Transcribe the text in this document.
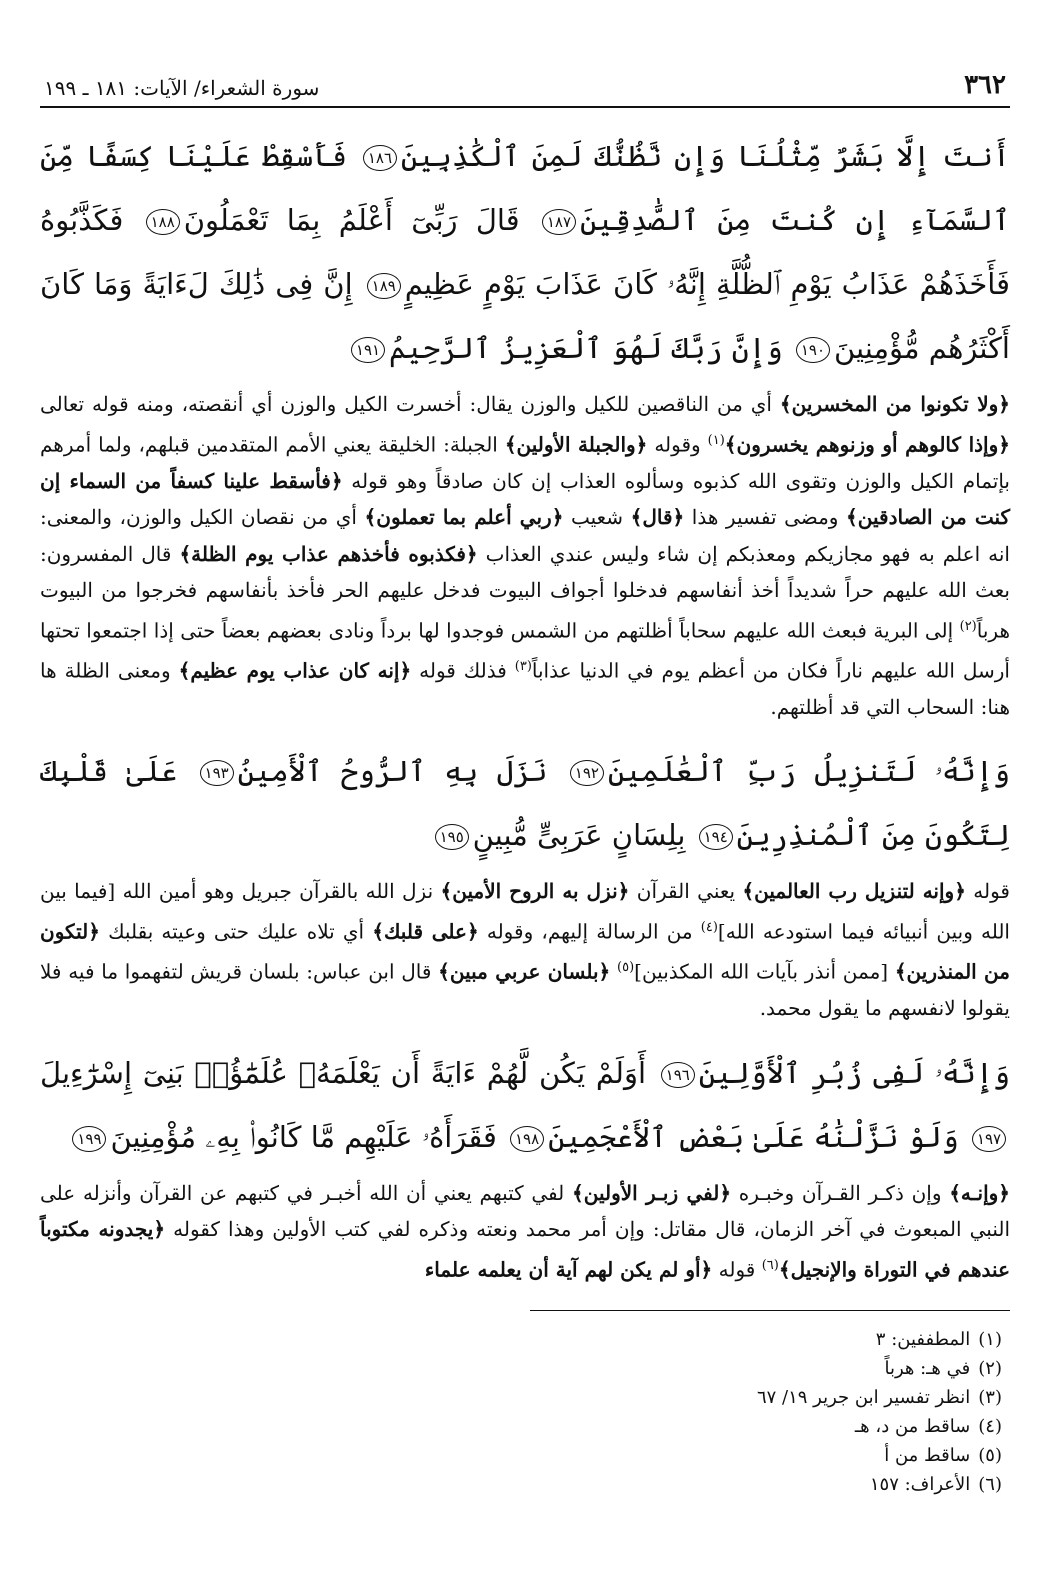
٣٦٢
سورة الشعراء/ الآيات: ١٨١ ـ ١٩٩

أَنتَ إِلَّا بَشَرٌ مِّثْلُنَا وَإِن نَّظُنُّكَ لَمِنَ ٱلْكَٰذِبِينَ١٨٦ فَأَسْقِطْ عَلَيْنَا كِسَفًا مِّنَ ٱلسَّمَآءِ إِن كُنتَ مِنَ ٱلصَّٰدِقِينَ١٨٧ قَالَ رَبِّىٓ أَعْلَمُ بِمَا تَعْمَلُونَ١٨٨ فَكَذَّبُوهُ فَأَخَذَهُمْ عَذَابُ يَوْمِ ٱلظُّلَّةِ إِنَّهُۥ كَانَ عَذَابَ يَوْمٍ عَظِيمٍ١٨٩ إِنَّ فِى ذَٰلِكَ لَءَايَةً وَمَا كَانَ أَكْثَرُهُم مُّؤْمِنِينَ١٩٠ وَإِنَّ رَبَّكَ لَهُوَ ٱلْعَزِيزُ ٱلرَّحِيمُ١٩١

﴿ولا تكونوا من المخسرين﴾ أي من الناقصين للكيل والوزن يقال: أخسرت الكيل والوزن أي أنقصته، ومنه قوله تعالى ﴿وإذا كالوهم أو وزنوهم يخسرون﴾$^{(١)}$ وقوله ﴿والجبلة الأولين﴾ الجبلة: الخليقة يعني الأمم المتقدمين قبلهم، ولما أمرهم بإتمام الكيل والوزن وتقوى الله كذبوه وسألوه العذاب إن كان صادقاً وهو قوله ﴿فأسقط علينا كسفاً من السماء إن كنت من الصادقين﴾ ومضى تفسير هذا ﴿قال﴾ شعيب ﴿ربي أعلم بما تعملون﴾ أي من نقصان الكيل والوزن، والمعنى: انه اعلم به فهو مجازيكم ومعذبكم إن شاء وليس عندي العذاب ﴿فكذبوه فأخذهم عذاب يوم الظلة﴾ قال المفسرون: بعث الله عليهم حراً شديداً أخذ أنفاسهم فدخلوا أجواف البيوت فدخل عليهم الحر فأخذ بأنفاسهم فخرجوا من البيوت هرباً$^{(٢)}$ إلى البرية فبعث الله عليهم سحاباً أظلتهم من الشمس فوجدوا لها برداً ونادى بعضهم بعضاً حتى إذا اجتمعوا تحتها أرسل الله عليهم ناراً فكان من أعظم يوم في الدنيا عذاباً$^{(٣)}$ فذلك قوله ﴿إنه كان عذاب يوم عظيم﴾ ومعنى الظلة ها هنا: السحاب التي قد أظلتهم.

وَإِنَّهُۥ لَتَنزِيلُ رَبِّ ٱلْعَٰلَمِينَ١٩٢ نَزَلَ بِهِ ٱلرُّوحُ ٱلْأَمِينُ١٩٣ عَلَىٰ قَلْبِكَ لِتَكُونَ مِنَ ٱلْمُنذِرِينَ١٩٤ بِلِسَانٍ عَرَبِىٍّ مُّبِينٍ١٩٥

قوله ﴿وإنه لتنزيل رب العالمين﴾ يعني القرآن ﴿نزل به الروح الأمين﴾ نزل الله بالقرآن جبريل وهو أمين الله [فيما بين الله وبين أنبيائه فيما استودعه الله]$^{(٤)}$ من الرسالة إليهم، وقوله ﴿على قلبك﴾ أي تلاه عليك حتى وعيته بقلبك ﴿لتكون من المنذرين﴾ [ممن أنذر بآيات الله المكذبين]$^{(٥)}$ ﴿بلسان عربي مبين﴾ قال ابن عباس: بلسان قريش لتفهموا ما فيه فلا يقولوا لانفسهم ما يقول محمد.

وَإِنَّهُۥ لَفِى زُبُرِ ٱلْأَوَّلِينَ١٩٦ أَوَلَمْ يَكُن لَّهُمْ ءَايَةً أَن يَعْلَمَهُۥ عُلَمَٰٓؤُا۟ بَنِىٓ إِسْرَٰٓءِيلَ١٩٧ وَلَوْ نَزَّلْنَٰهُ عَلَىٰ بَعْضِ ٱلْأَعْجَمِينَ١٩٨ فَقَرَأَهُۥ عَلَيْهِم مَّا كَانُوا۟ بِهِۦ مُؤْمِنِينَ١٩٩

﴿وإنـه﴾ وإن ذكـر القـرآن وخبـره ﴿لفي زبـر الأولين﴾ لفي كتبهم يعني أن الله أخبـر في كتبهم عن القرآن وأنزله على النبي المبعوث في آخر الزمان، قال مقاتل: وإن أمر محمد ونعته وذكره لفي كتب الأولين وهذا كقوله ﴿يجدونه مكتوباً عندهم في التوراة والإنجيل﴾$^{(٦)}$ قوله ﴿أو لم يكن لهم آية أن يعلمه علماء

(١)
المطففين: ٣
(٢)
في هـ: هرباً
(٣)
انظر تفسير ابن جرير ١٩/ ٦٧
(٤)
ساقط من د، هـ
(٥)
ساقط من أ
(٦)
الأعراف: ١٥٧
